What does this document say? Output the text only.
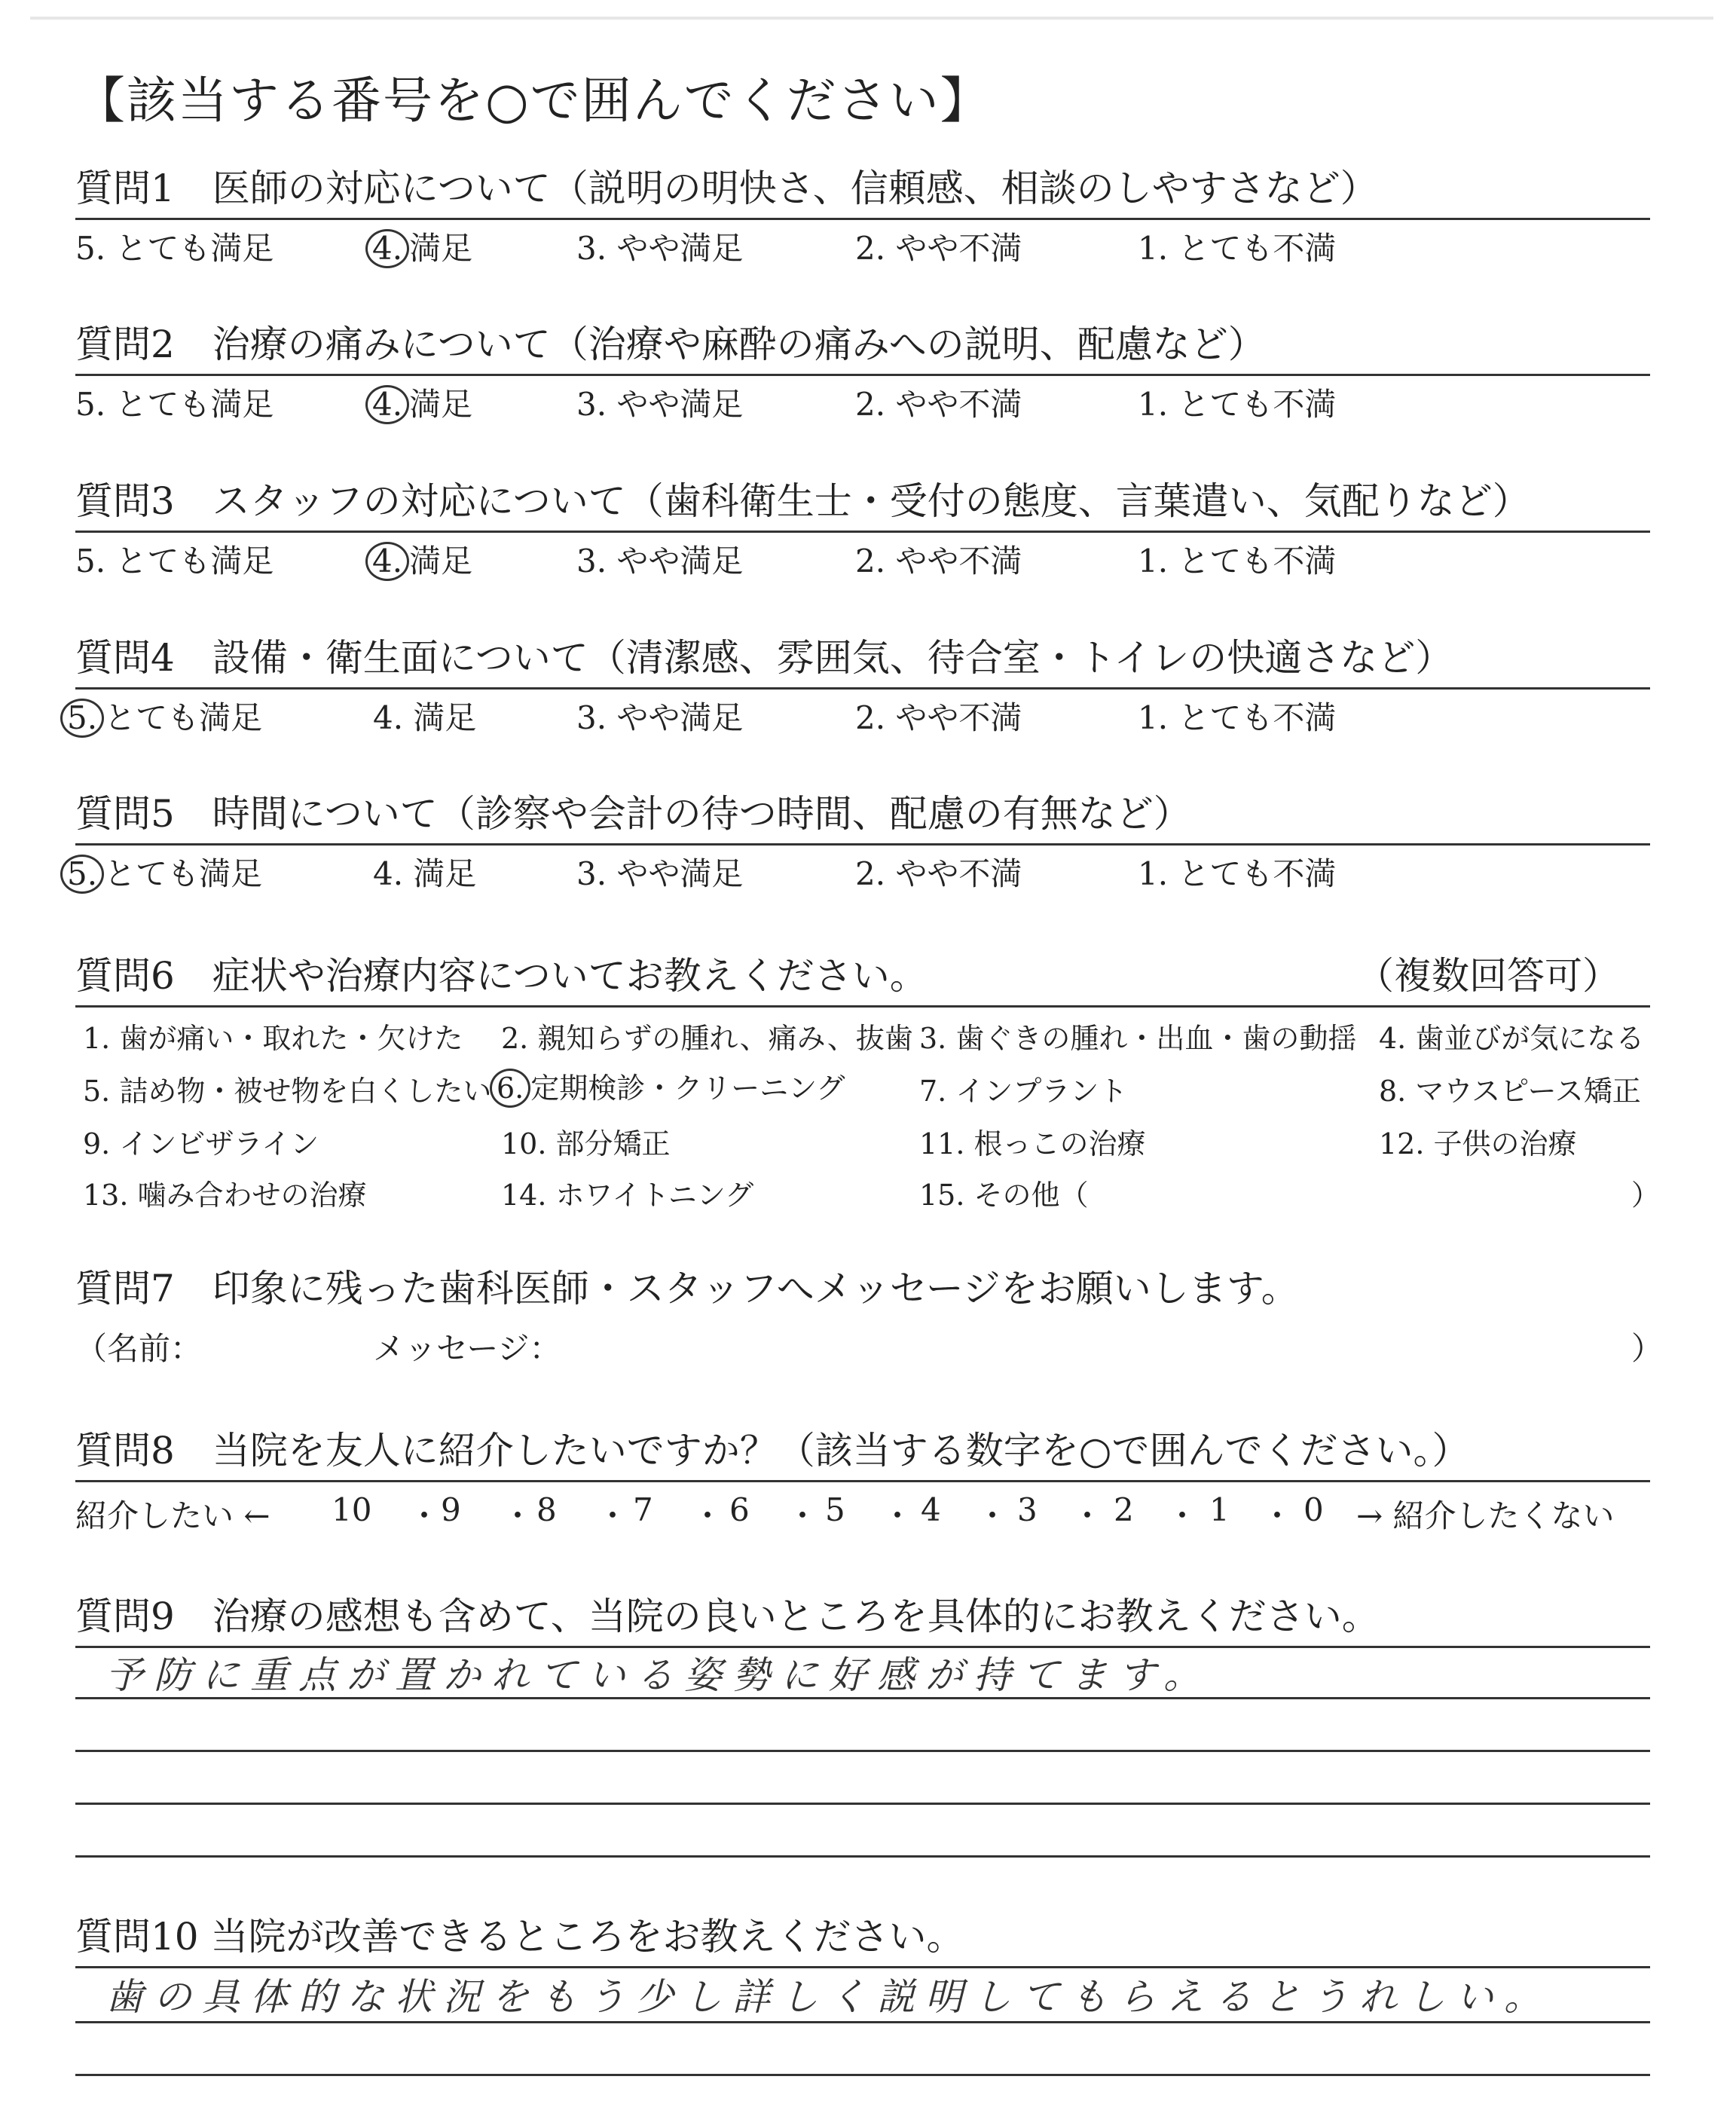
【該当する番号を○で囲んでください】
質問1　医師の対応について（説明の明快さ、信頼感、相談のしやすさなど）
5. とても満足	4. 満足	3. やや満足	2. やや不満	1. とても不満
質問2　治療の痛みについて（治療や麻酔の痛みへの説明、配慮など）
5. とても満足	4. 満足	3. やや満足	2. やや不満	1. とても不満
質問3　スタッフの対応について（歯科衛生士・受付の態度、言葉遣い、気配りなど）
5. とても満足	4. 満足	3. やや満足	2. やや不満	1. とても不満
質問4　設備・衛生面について（清潔感、雰囲気、待合室・トイレの快適さなど）
5. とても満足	4. 満足	3. やや満足	2. やや不満	1. とても不満
質問5　時間について（診察や会計の待つ時間、配慮の有無など）
5. とても満足	4. 満足	3. やや満足	2. やや不満	1. とても不満
質問6　症状や治療内容についてお教えください。	（複数回答可）
1. 歯が痛い・取れた・欠けた 2. 親知らずの腫れ、痛み、抜歯 3. 歯ぐきの腫れ・出血・歯の動揺 4. 歯並びが気になる
5. 詰め物・被せ物を白くしたい 6. 定期検診・クリーニング	7. インプラント	8. マウスピース矯正
9. インビザライン	10. 部分矯正	11. 根っこの治療	12. 子供の治療
13. 噛み合わせの治療	14. ホワイトニング	15. その他（	）
質問7　印象に残った歯科医師・スタッフへメッセージをお願いします。
（名前：	メッセージ：	）
質問8　当院を友人に紹介したいですか？（該当する数字を○で囲んでください。）
紹介したい ← 10 ・ 9 ・ 8 ・ 7 ・ 6 ・ 5 ・ 4 ・ 3 ・ 2 ・ 1 ・ 0 → 紹介したくない
質問9　治療の感想も含めて、当院の良いところを具体的にお教えください。
予防に重点が置かれている姿勢に好感が持てます。
質問10 当院が改善できるところをお教えください。
歯の具体的な状況をもう少し詳しく説明してもらえるとうれしい。
